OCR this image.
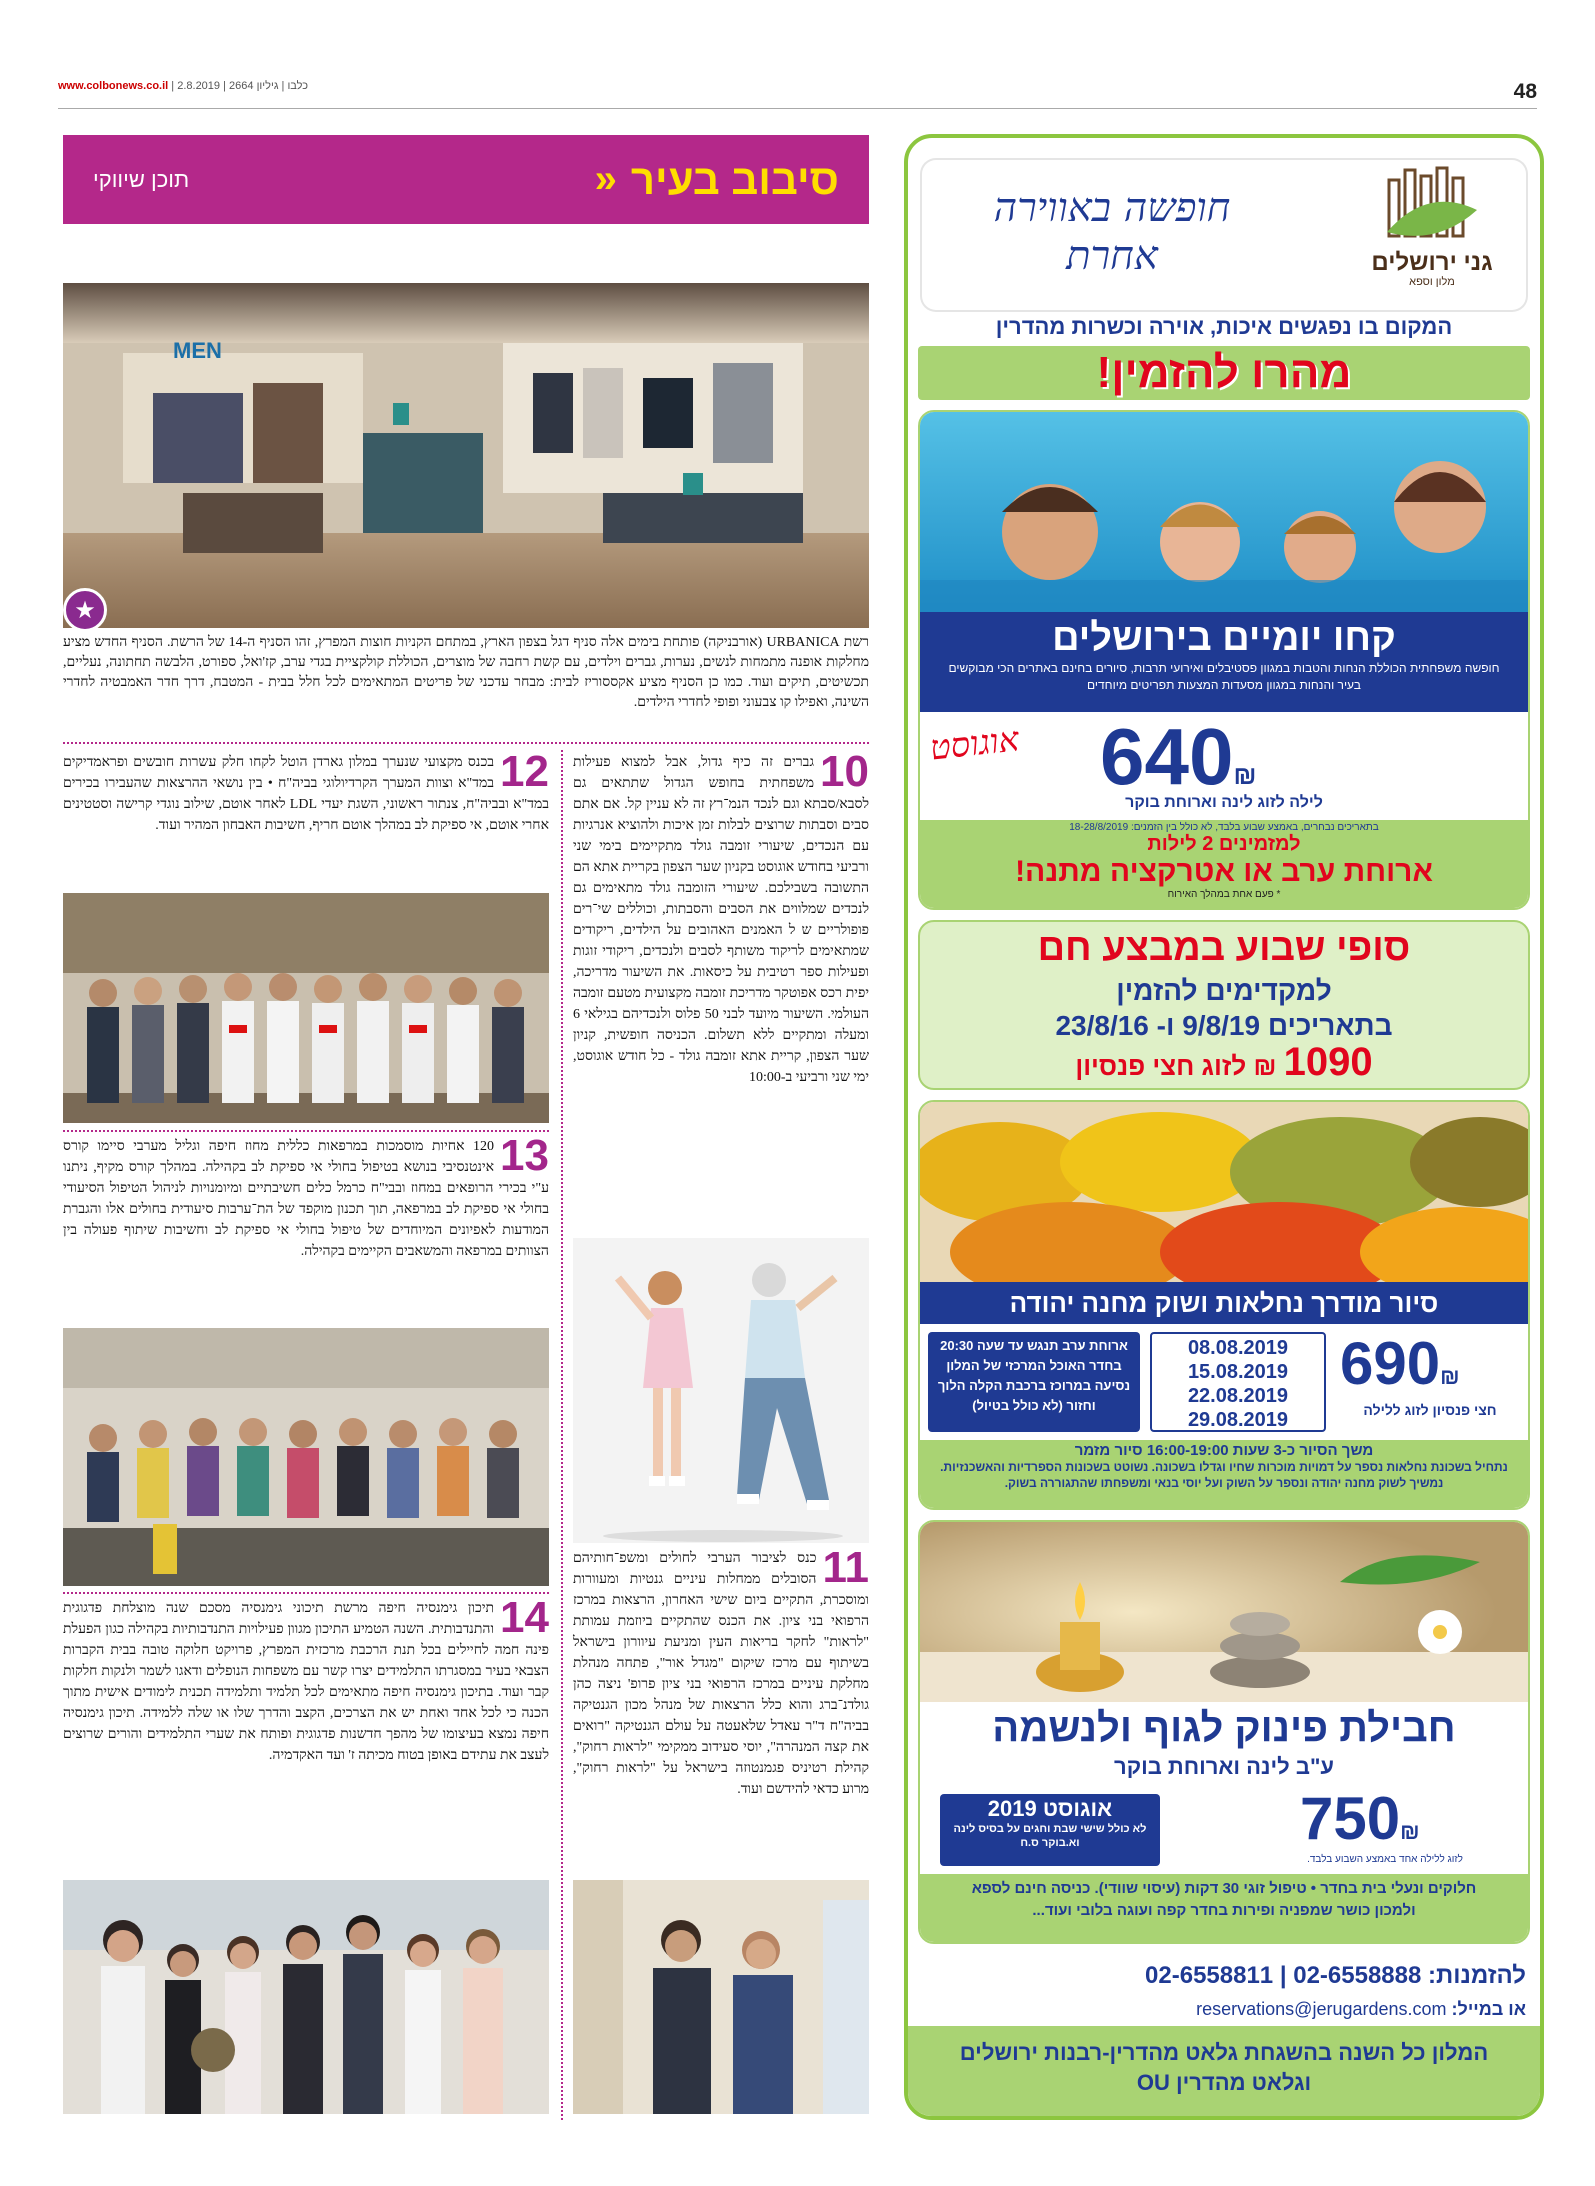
www.colbonews.co.il | כלבו | גיליון 2664 | 2.8.2019	48
סיבוב בעיר
«
תוכן שיווקי
MEN
★
רשת URBANICA (אורבניקה) פותחת בימים אלה סניף דגל בצפון הארץ, במתחם הקניות חוצות המפרץ, זהו הסניף ה-14 של הרשת. הסניף החדש מציע מחלקות אופנה מתמחות לנשים, נערות, גברים וילדים, עם קשת רחבה של מוצרים, הכוללת קולקציית בגדי ערב, קז'ואל, ספורט, הלבשה תחתונה, נעליים, תכשיטים, תיקים ועוד. כמו כן הסניף מציע אקססוריז לבית: מבחר עדכני של פריטים המתאימים לכל חלל בבית - המטבח, דרך חדר האמבטיה לחדרי השינה, ואפילו קו צבעוני ופופי לחדרי הילדים.
10
גברים זה כיף גדול, אבל למצוא פעילות משפחתית בחופש הגדול שתתאים גם לסבא/סבתא וגם לנכד הנמ־רץ זה לא עניין קל. אם אתם סבים וסבתות שרוצים לבלות זמן איכות ולהוציא אנרגיות עם הנכדים, שיעורי זומבה גולד מתקיימים בימי שני ורביעי בחודש אוגוסט בקניון שער הצפון בקריית אתא הם התשובה בשבילכם. שיעורי הזומבה גולד מתאימים גם לנכדים שמלווים את הסבים והסבתות, וכוללים שי־רים פופולריים ש ל האמנים האהובים על הילדים, ריקודים שמתאימים לריקוד משותף לסבים ולנכדים, ריקודי זוגות ופעילות ספר רטיבית על כיסאות. את השיעור מדריכה, יפית רכס אפוטקר מדריכת זומבה מקצועית מטעם זומבה העולמי. השיעור מיועד לבני 50 פלוס ולנכדיהם בגילאי 6 ומעלה ומתקיים ללא תשלום. הכניסה חופשית, קניון שער הצפון, קריית אתא זומבה גולד - כל חודש אוגוסט, ימי שני ורביעי ב-10:00
11
כנס לציבור הערבי לחולים ומשפ־חותיהם הסובלים ממחלות עיניים גנטיות ומעוורות ומוסכרת, התקיים ביום שישי האחרון, הרצאות במרכז הרפואי בני ציון. את הכנס שהתקיים ביוזמת עמותת "לראות" לחקר בריאות העין ומניעת עיוורון בישראל בשיתוף עם מרכז שיקום "מגדל אור", פתחה מנהלת מחלקת עיניים במרכז הרפואי בני ציון פרופ' ניצה כהן גולדנ־ברג והוא כלל הרצאות של מנהל מכון הגנטיקה בביה"ח ד"ר עאדל שלאעטה על עולם הגנטיקה "רואים את קצה המנהרה", יוסי סעידוב ממקימי "לראות רחוק", קהילת רטיניס פגמנטוזה בישראל על "לראות רחוק", מרוע כדאי להידשם ועוד.
12
בכנס מקצועי שנערך במלון גארדן הוטל לקחו חלק עשרות חובשים ופראמדיקים במד"א וצוות המערך הקרדיולוגי בביה"ח • בין נושאי ההרצאות שהעבירו בכירים במד"א ובביה"ח, צנתור ראשוני, השגת יעדי LDL לאחר אוטם, שילוב נוגדי קרישה וסטטינים אחרי אוטם, אי ספיקת לב במהלך אוטם חריף, חשיבות האבחון המהיר ועוד.
13
120 אחיות מוסמכות במרפאות כללית מחוז חיפה וגליל מערבי סיימו קורס אינטנסיבי בנושא בטיפול בחולי אי ספיקת לב בקהילה. במהלך קורס מקיף, ניתנו ע"י בכירי הרופאים במחוז ובבי"ח כרמל כלים חשיבתיים ומיומנויות לניהול הטיפול הסיעודי בחולי אי ספיקת לב במרפאה, תוך תכנון מוקפד של הת־ערבות סיעודית בחולים אלו והגברת המודעות לאפיונים המיוחדים של טיפול בחולי אי ספיקת לב וחשיבות שיתוף פעולה בין הצוותים במרפאה והמשאבים הקיימים בקהילה.
14
תיכון גימנסיה חיפה מרשת תיכוני גימנסיה מסכם שנה מוצלחת פדגוגית והתנדבותית. השנה הטמיע התיכון מגוון פעילויות התנדבותיות בקהילה כגון הפעלת פינה חמה לחיילים בכל תנת הרכבת מרכזית המפרץ, פרויקט חלוקה טובה בבית הקברות הצבאי בעיר במסגרתו התלמידים יצרו קשר עם משפחות הנופלים ודאגו לשמר ולנקות חלקות קבר ועוד. בתיכון גימנסיה חיפה מתאימים לכל תלמיד ותלמידה תכנית לימודים אישית מתוך הכנה כי לכל אחד ואחת יש את הצרכים, הקצב והדרך שלו או שלה ללמידה. תיכון גימנסיה חיפה נמצא בעיצומו של מהפך חדשנות פדגוגית ופותח את שערי התלמידים והורים שרוצים לעצב את עתידם באופן בטוח מכיתה ז' ועד האקדמיה.
חופשה באווירה אחרת	גני ירושלים
מלון וספא
המקום בו נפגשים איכות, אוירה וכשרות מהדרין
מהרו להזמין!
קחו יומיים בירושלים
חופשה משפחתית הכוללת הנחות והטבות במגוון פסטיבלים ואירועי תרבות, סיורים בחינם באתרים הכי מבוקשים בעיר והנחות במגוון מסעדות המצעות תפריטים מיוחדים
640₪
אוגוסט
לילה לזוג לינה וארוחת בוקר
בתאריכים נבחרים, באמצע שבוע בלבד, לא כולל בין הזמנים: 18-28/8/2019
למזמינים 2 לילות
ארוחת ערב או אטרקציה מתנה!
* פעם אחת במהלך האירוח
סופי שבוע במבצע חם
למקדימים להזמין
בתאריכים 9/8/19 ו- 23/8/16
1090 ₪ לזוג חצי פנסיון
סיור מודרך נחלאות ושוק מחנה יהודה
690₪
חצי פנסיון לזוג ללילה
08.08.2019
15.08.2019
22.08.2019
29.08.2019
ארוחת ערב תנגש עד שעה 20:30 בחדר האוכל המרכזי של המלון נסיעה במרוכז ברכבת הקלה הלוך וחזור (לא כולל בטיול)
משך הסיור כ-3 שעות 16:00-19:00 סיור מזמר
נתחיל בשכונת נחלאות נספר על דמויות מוכרות שחיו וגדלו בשכונה. נשוטט בשכונות הספרדיות והאשכנזיות. נמשיך לשוק מחנה יהודה ונספר על השוק ועל יוסי בנאי ומשפחתו שהתגוררה בשוק.
חבילת פינוק לגוף ולנשמה
ע"ב לינה וארוחת בוקר
אוגוסט 2019
לא כולל שישי שבת וחגים על בסיס לינה וא.בוקר ס.ח	750₪
לזוג ללילה אחד באמצע השבוע בלבד.
חלוקים ונעלי בית בחדר • טיפול זוגי 30 דקות (עיסוי שוודי). כניסה חינם לספא ולמכון כושר שמפניה ופירות בחדר קפה ועוגה בלובי ועוד...
להזמנות: 02-6558811 | 02-6558888
או במייל: reservations@jerugardens.com
המלון כל השנה בהשגחת גלאט מהדרין-רבנות ירושלים וגלאט מהדרין OU
